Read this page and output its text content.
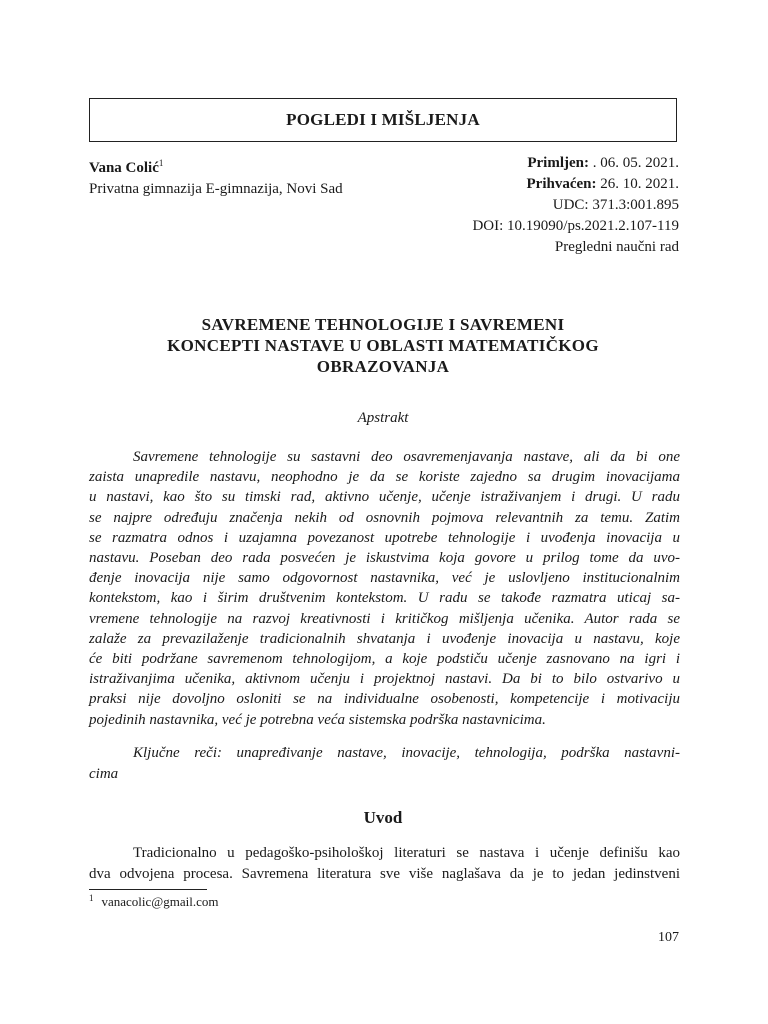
POGLEDI I MIŠLJENJA
Vana Colić$^1$
Privatna gimnazija E-gimnazija, Novi Sad
Primljen: . 06. 05. 2021.
Prihvaćen: 26. 10. 2021.
UDC: 371.3:001.895
DOI: 10.19090/ps.2021.2.107-119
Pregledni naučni rad
SAVREMENE TEHNOLOGIJE I SAVREMENI
KONCEPTI NASTAVE U OBLASTI MATEMATIČKOG
OBRAZOVANJA
Apstrakt
Savremene tehnologije su sastavni deo osavremenjavanja nastave, ali da bi one
zaista unapredile nastavu, neophodno je da se koriste zajedno sa drugim inovacijama
u nastavi, kao što su timski rad, aktivno učenje, učenje istraživanjem i drugi. U radu
se najpre određuju značenja nekih od osnovnih pojmova relevantnih za temu. Zatim
se razmatra odnos i uzajamna povezanost upotrebe tehnologije i uvođenja inovacija u
nastavu. Poseban deo rada posvećen je iskustvima koja govore u prilog tome da uvo-
đenje inovacija nije samo odgovornost nastavnika, već je uslovljeno institucionalnim
kontekstom, kao i širim društvenim kontekstom. U radu se takođe razmatra uticaj sa-
vremene tehnologije na razvoj kreativnosti i kritičkog mišljenja učenika. Autor rada se
zalaže za prevazilaženje tradicionalnih shvatanja i uvođenje inovacija u nastavu, koje
će biti podržane savremenom tehnologijom, a koje podstiču učenje zasnovano na igri i
istraživanjima učenika, aktivnom učenju i projektnoj nastavi. Da bi to bilo ostvarivo u
praksi nije dovoljno osloniti se na individualne osobenosti, kompetencije i motivaciju
pojedinih nastavnika, već je potrebna veća sistemska podrška nastavnicima.
Ključne reči: unapređivanje nastave, inovacije, tehnologija, podrška nastavni-
cima
Uvod
Tradicionalno u pedagoško-psihološkoj literaturi se nastava i učenje definišu kao
dva odvojena procesa. Savremena literatura sve više naglašava da je to jedan jedinstveni
$^1$ vanacolic@gmail.com
107
